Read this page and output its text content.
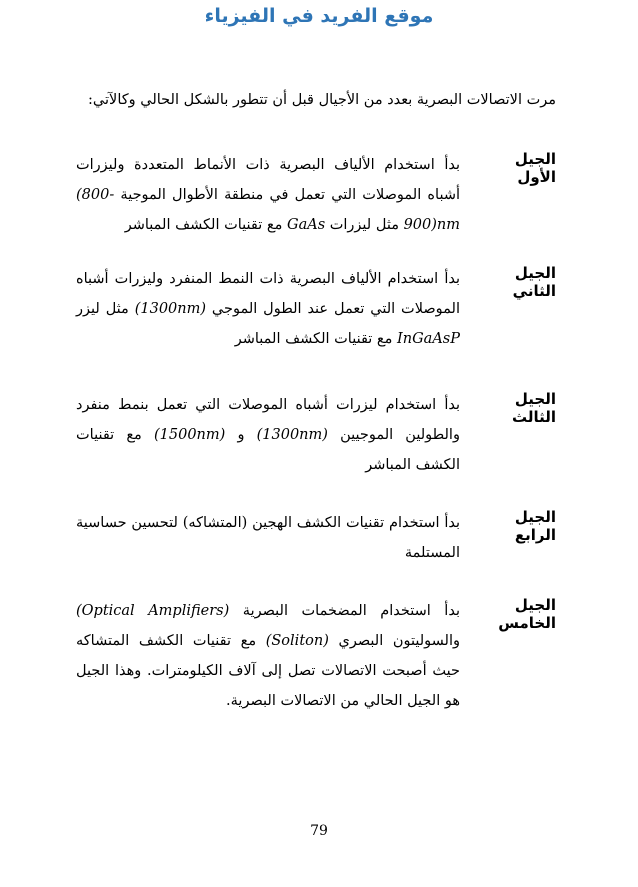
موقع الفريد في الفيزياء
مرت الاتصالات البصرية بعدد من الأجيال قبل أن تتطور بالشكل الحالي وكالآتي:
الجيل الأول
بدأ استخدام الألياف البصرية ذات الأنماط المتعددة وليزرات أشباه الموصلات التي تعمل في منطقة الأطوال الموجية (800-900)nm مثل ليزرات GaAs مع تقنيات الكشف المباشر
الجيل الثاني
بدأ استخدام الألياف البصرية ذات النمط المنفرد وليزرات أشباه الموصلات التي تعمل عند الطول الموجي (1300nm) مثل ليزر InGaAsP مع تقنيات الكشف المباشر
الجيل الثالث
بدأ استخدام ليزرات أشباه الموصلات التي تعمل بنمط منفرد والطولين الموجيين (1300nm) و (1500nm) مع تقنيات الكشف المباشر
الجيل الرابع
بدأ استخدام تقنيات الكشف الهجين (المتشاكه) لتحسين حساسية المستلمة
الجيل الخامس
بدأ استخدام المضخمات البصرية (Optical Amplifiers) والسوليتون البصري (Soliton) مع تقنيات الكشف المتشاكه حيث أصبحت الاتصالات تصل إلى آلاف الكيلومترات. وهذا الجيل هو الجيل الحالي من الاتصالات البصرية.
79
